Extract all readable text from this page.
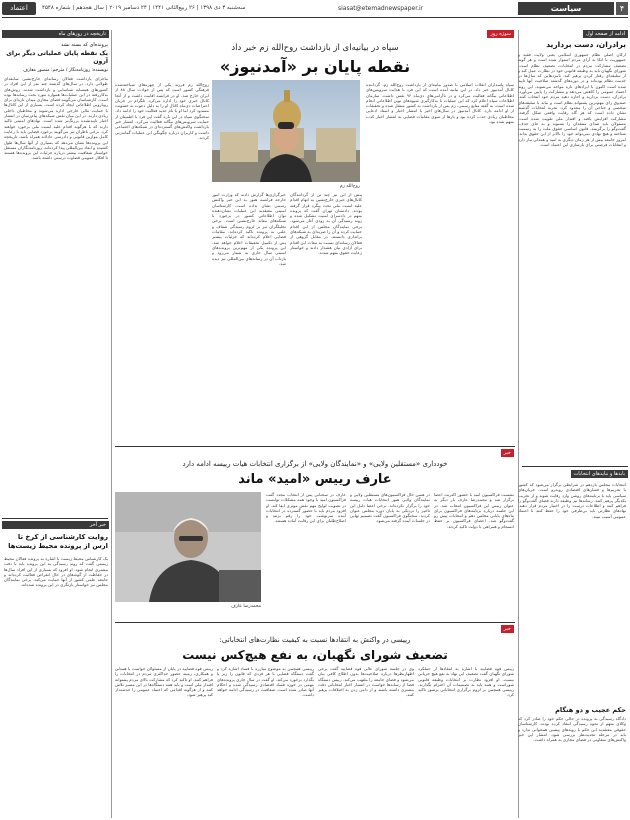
اعتماد	سه‌شنبه ۳ دی ۱۳۹۸ | ۲۶ ربیع‌الثانی ۱۴۴۱ | ۲۴ دسامبر ۲۰۱۹ | سال هجدهم | شماره ۴۵۴۸	siasat@etemadnewspaper.ir	سیاست	۴
ادامه از صفحه اول
برادران، دست بردارید
ارکان اصلی نظام جمهوری اسلامی یعنی ولایت فقیه و جمهوریت با اتکا به آرای مردم استوار شده است و هر گونه تضعیف مشارکت مردم در انتخابات، تضعیف نظام است. شورای نگهبان باید به وظیفه قانونی خود در نظارت عمل کند و از سلیقه‌ای رفتار کردن پرهیز کند. نامزدهایی که سال‌ها در خدمت نظام بوده‌اند و در دوره‌های گذشته صلاحیت آنها تایید شده است اکنون با ایرادهای تازه مواجه می‌شوند. این روند اعتماد عمومی را کاهش می‌دهد و مشارکت را پایین می‌آورد. برادران، دست بردارید و اجازه دهید مردم خود انتخاب کنند. صندوق رای مهم‌ترین پشتوانه نظام است و نباید با سلیقه‌های شخصی و جناحی آن را محدود کرد. تجربه انتخابات گذشته نشان داده است که هر گاه رقابت واقعی شکل گرفته، مشارکت افزایش یافته و اقتدار ملی تقویت شده است. مسئولان باید صدای منتقدان را بشنوند و به جای حذف، گفت‌وگو را برگزینند. قانون اساسی حقوق ملت را به رسمیت شناخته و هیچ نهادی نمی‌تواند خود را بالاتر از این حقوق بداند. امروز جامعه بیش از هر زمان دیگری به امید و همدلی نیاز دارد و انتخابات فرصتی برای بازسازی این اعتماد است.
باید‌ها و نباید‌های انتخابات
انتخابات مجلس یازدهم در شرایطی برگزار می‌شود که کشور با تحریم‌ها و فشارهای اقتصادی روبه‌رو است. جریان‌های سیاسی باید با برنامه‌های روشن وارد رقابت شوند و از تخریب یکدیگر پرهیز کنند. رسانه‌ها نیز وظیفه دارند فضای گفت‌وگو را فراهم کنند و اطلاعات درست را در اختیار مردم قرار دهند. نهادهای نظارتی باید بی‌طرفی خود را حفظ کنند تا اعتماد عمومی آسیب نبیند.
حکم عجیب و دو هنگام
دادگاه رسیدگی به پرونده در حالی حکم خود را صادر کرد که وکلای متهم از نحوه رسیدگی انتقاد کرده بودند. کارشناسان حقوقی معتقدند این حکم با رویه‌های پیشین همخوانی ندارد و باید در مرحله تجدیدنظر بررسی شود. انتشار این خبر واکنش‌های متفاوتی در فضای مجازی به همراه داشت.
سوژه روز
سپاه در بیانیه‌ای از بازداشت روح‌الله زم خبر داد
نقطه پایان بر «آمدنیوز»
روح‌الله زم
سپاه پاسداران انقلاب اسلامی با صدور بیانیه‌ای از بازداشت روح‌الله زم، گرداننده کانال آمدنیوز خبر داد. در این بیانیه آمده است که این فرد با هدایت سرویس‌های اطلاعاتی بیگانه فعالیت می‌کرد و در ناآرامی‌های دی‌ماه ۹۶ نقش داشت. سازمان اطلاعات سپاه اعلام کرد که این عملیات با به‌کارگیری شیوه‌های نوین اطلاعاتی انجام شده است. به گفته منابع رسمی، زم پس از بازداشت به کشور منتقل شده و تحقیقات از او ادامه دارد. کانال آمدنیوز در سال‌های اخیر با انتشار اخبار و اسناد ادعایی مخاطبان زیادی جذب کرده بود و بارها از سوی مقامات قضایی به انتشار اخبار کذب متهم شده بود.
روح‌الله زم فرزند یکی از چهره‌های شناخته‌شده فرهنگی کشور است که پس از حوادث سال ۸۸ از ایران خارج شد. او در فرانسه اقامت داشت و از آنجا کانال خبری خود را اداره می‌کرد. تلگرام در جریان اعتراضات دی‌ماه کانال او را به دلیل دعوت به خشونت مسدود کرد اما او با نام جدید فعالیت خود را ادامه داد. سخنگوی سپاه در این باره گفت این فرد با اطمینان از حمایت سرویس‌های بیگانه فعالیت می‌کرد. انتشار خبر بازداشت واکنش‌های گسترده‌ای در شبکه‌های اجتماعی داشت و کاربران درباره چگونگی این عملیات گمانه‌زنی کردند.
خبرگزاری‌ها گزارش دادند که وزارت امور خارجه فرانسه هنوز به این خبر واکنش رسمی نشان نداده است. کارشناسان امنیتی معتقدند این عملیات نشان‌دهنده توان اطلاعاتی کشور در برخورد با شبکه‌های معاند خارج‌نشین است. برخی تحلیلگران نیز بر لزوم رسیدگی شفاف و علنی به پرونده تاکید کرده‌اند. مقامات قضایی اعلام کرده‌اند که جزئیات بیشتر پس از تکمیل تحقیقات اعلام خواهد شد. این پرونده یکی از مهم‌ترین پرونده‌های امنیتی سال جاری به شمار می‌رود و بازتاب آن در رسانه‌های بین‌المللی نیز دیده شد.
پیش از این نیز چند تن از گردانندگان کانال‌های خبری خارج‌نشین به اتهام اقدام علیه امنیت ملی تحت پیگرد قرار گرفته بودند. دادستان تهران گفت که پرونده متهم در دادسرای امنیت تشکیل شده و روند رسیدگی آن به زودی آغاز می‌شود. برخی نمایندگان مجلس از این اقدام حمایت کرده و آن را ضربه‌ای به شبکه‌های براندازی دانستند. در مقابل گروهی از فعالان رسانه‌ای نسبت به تبعات این اقدام برای آزادی بیان هشدار دادند و خواستار رعایت حقوق متهم شدند.
تاریخچه در روزهای ماه
پرونده‌ای که بسته نشد
یک نقطه پایان عملیاتی دیگر برای آرون
نویسنده: روزنامه‌نگار / مترجم: منصور معارف
ماجرای بازداشت فعالان رسانه‌ای خارج‌نشین سابقه‌ای طولانی دارد. در سال‌های گذشته چند نفر از این افراد در کشورهای همسایه شناسایی و بازداشت شدند. روش‌های به‌کاررفته در این عملیات‌ها همواره مورد بحث رسانه‌ها بوده است. کارشناسان می‌گویند فضای مجازی میدان تازه‌ای برای رویارویی اطلاعاتی ایجاد کرده است. بسیاری از این کانال‌ها با حمایت مالی خارجی اداره می‌شوند و مخاطبان داخلی زیادی دارند. در این میان نقش شبکه‌های پیام‌رسان در انتشار اخبار تاییدنشده پررنگ‌تر شده است. نهادهای امنیتی تاکید دارند که با هرگونه اقدام علیه امنیت ملی برخورد خواهند کرد. برخی ناظران نیز می‌گویند برخورد قضایی باید با رعایت کامل موازین قانونی و دادرسی عادلانه همراه باشد. تاریخچه این پرونده‌ها نشان می‌دهد که بسیاری از آنها سال‌ها طول کشیده و ابعاد بین‌المللی پیدا کرده‌اند. روزنامه‌نگاران مستقل خواستار شفافیت بیشتر درباره جزئیات این پرونده‌ها هستند تا افکار عمومی قضاوت درستی داشته باشد.
خبر آخر
روایت کارشناسی از کرخ تا ارس از پرونده محیط زیست‌ها
یک کارشناس محیط زیست با اشاره به پرونده فعالان محیط زیستی گفت که روند رسیدگی به این پرونده باید با دقت بیشتری انجام شود. او افزود که بسیاری از این افراد سال‌ها در حفاظت از گونه‌های در حال انقراض فعالیت کرده‌اند و جامعه علمی کشور از آنها حمایت می‌کند. برخی نمایندگان مجلس نیز خواستار بازنگری در این پرونده شده‌اند.
خبر
خودداری «مستقلین ولایی» و «نمایندگان ولایی» از برگزاری انتخابات هیات رییسه ادامه دارد
عارف رییس «امید» ماند
نشست فراکسیون امید با حضور اکثریت اعضا برگزار شد و محمدرضا عارف بار دیگر به عنوان رییس این فراکسیون انتخاب شد. در این جلسه درباره برنامه‌های فراکسیون برای ماه‌های پایانی مجلس دهم و انتخابات پیش رو گفت‌وگو شد. اعضای فراکسیون بر حفظ انسجام و همراهی با دولت تاکید کردند.
در همین حال فراکسیون‌های مستقلین ولایی و نمایندگان ولایی هنوز انتخابات هیات رییسه خود را برگزار نکرده‌اند. برخی اعضا دلیل این تاخیر را نزدیکی به پایان دوره مجلس عنوان کردند. سخنگوی فراکسیون گفت تصمیم نهایی در جلسات آینده گرفته می‌شود.
عارف در سخنانی پس از انتخاب مجدد گفت فراکسیون امید با وجود همه مشکلات توانست در تصویب لوایح مهم نقش موثری ایفا کند. او افزود مردم باید با حضور گسترده در انتخابات آینده سرنوشت خود را رقم بزنند و اصلاح‌طلبان برای این رقابت آماده هستند.
محمدرضا عارف
خبر
رییسی در واکنش به انتقادها نسبت به کیفیت نظارت‌های انتخاباتی:
تضعیف شورای نگهبان، به نفع هیچ‌کس نیست
رییس قوه قضاییه با اشاره به انتقادها از عملکرد شورای نگهبان گفت تضعیف این نهاد به نفع هیچ جریانی نیست. او افزود نظارت بر انتخابات وظیفه قانونی شوراست و همه باید به تصمیمات آن احترام بگذارند. رییسی همچنین بر لزوم برگزاری انتخاباتی پرشور تاکید کرد.
وی در جلسه شورای عالی قوه قضاییه گفت برخی اظهارنظرها درباره صلاحیت‌ها بدون اطلاع کافی بیان می‌شود و فضای جامعه را ملتهب می‌کند. رییس دستگاه قضا از رسانه‌ها خواست در انتشار اخبار انتخاباتی دقت بیشتری داشته باشند و از دامن زدن به اختلافات پرهیز کنند.
رییسی همچنین به موضوع مبارزه با فساد اشاره کرد و گفت دستگاه قضایی با هر فردی که قانون را زیر پا بگذارد برخورد می‌کند. او گفت در سال جاری پرونده‌های مهمی در حوزه فساد اقتصادی رسیدگی شده و احکام آنها صادر شده است. شفافیت در رسیدگی ادامه خواهد داشت.
رییس قوه قضاییه در پایان از مسئولان خواست با همدلی و همکاری، زمینه حضور حداکثری مردم در انتخابات را فراهم کنند. او تاکید کرد که مشارکت بالای مردم پشتوانه اقتدار ملی است و باید همه دستگاه‌ها در این مسیر تلاش کنند و از هرگونه اقدامی که اعتماد عمومی را خدشه‌دار کند پرهیز شود.
